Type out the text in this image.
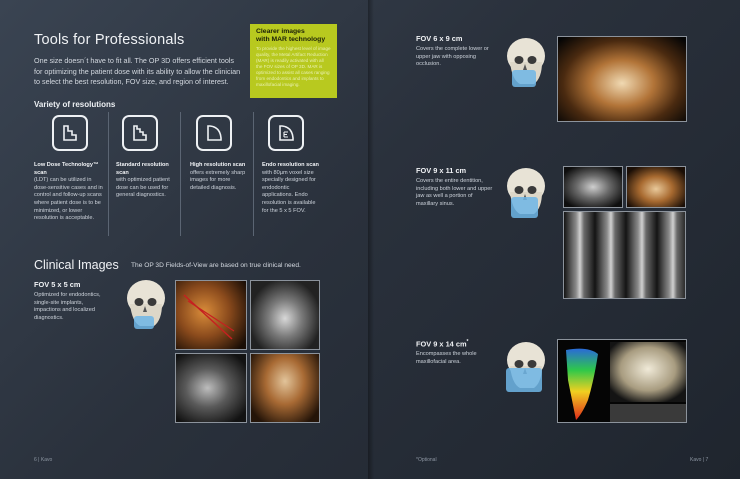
Tools for Professionals
One size doesn´t have to fit all. The OP 3D offers efficient tools for optimizing the patient dose with its ability to allow the clinician to select the best resolution, FOV size, and region of interest.
Clearer images
with MAR technology
To provide the highest level of image quality, the Metal Artifact Reduction (MAR) is readily activated with all the FOV sizes of OP 3D. MAR is optimized to assist all cases ranging from endodontics and implants to maxillofacial imaging.
Variety of resolutions
Low Dose Technology™ scan
(LDT) can be utilized in dose-sensitive cases and in control and follow-up scans where patient dose is to be minimized, or lower resolution is acceptable.
Standard resolution scan
with optimized patient dose can be used for general diagnostics.
High resolution scan
offers extremely sharp images for more detailed diagnosis.
Endo resolution scan
with 80µm voxel size specially designed for endodontic applications. Endo resolution is available for the 5 x 5 FOV.
Clinical Images The OP 3D Fields-of-View are based on true clinical need.
FOV 5 x 5 cm
Optimized for endodontics, single-site implants, impactions and localized diagnostics.
6 | Kavo
FOV 6 x 9 cm
Covers the complete lower or upper jaw with opposing occlusion.
FOV 9 x 11 cm
Covers the entire dentition, including both lower and upper jaw as well a portion of maxillary sinus.
FOV 9 x 14 cm*
Encompasses the whole maxillofacial area.
*Optional	Kavo | 7
